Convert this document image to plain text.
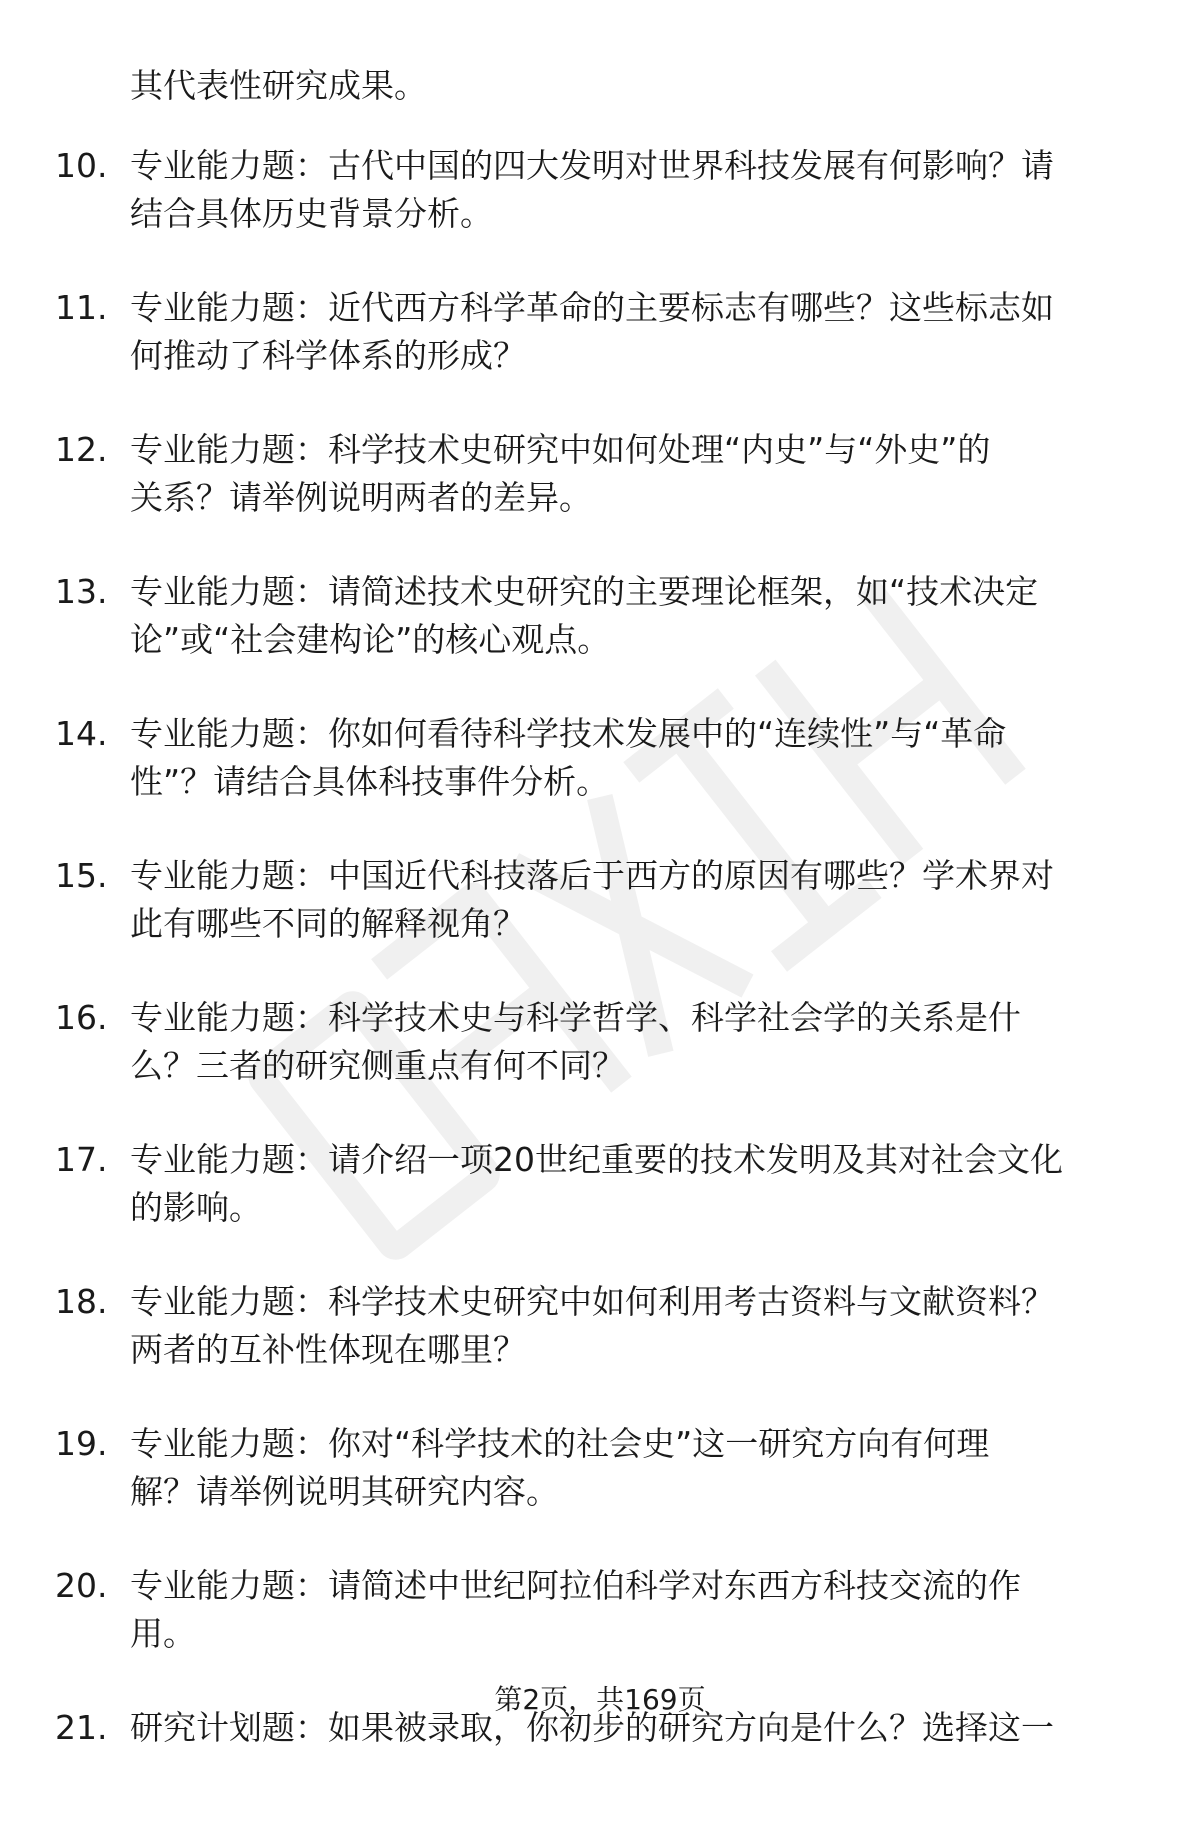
其代表性研究成果。
10. 专业能力题：古代中国的四大发明对世界科技发展有何影响？请
结合具体历史背景分析。
11. 专业能力题：近代西方科学革命的主要标志有哪些？这些标志如
何推动了科学体系的形成？
12. 专业能力题：科学技术史研究中如何处理“内史”与“外史”的
关系？请举例说明两者的差异。
13. 专业能力题：请简述技术史研究的主要理论框架，如“技术决定
论”或“社会建构论”的核心观点。
14. 专业能力题：你如何看待科学技术发展中的“连续性”与“革命
性”？请结合具体科技事件分析。
15. 专业能力题：中国近代科技落后于西方的原因有哪些？学术界对
此有哪些不同的解释视角？
16. 专业能力题：科学技术史与科学哲学、科学社会学的关系是什
么？三者的研究侧重点有何不同？
17. 专业能力题：请介绍一项20世纪重要的技术发明及其对社会文化
的影响。
18. 专业能力题：科学技术史研究中如何利用考古资料与文献资料？
两者的互补性体现在哪里？
19. 专业能力题：你对“科学技术的社会史”这一研究方向有何理
解？请举例说明其研究内容。
20. 专业能力题：请简述中世纪阿拉伯科学对东西方科技交流的作
用。
21. 研究计划题：如果被录取，你初步的研究方向是什么？选择这一
第2页，共169页
